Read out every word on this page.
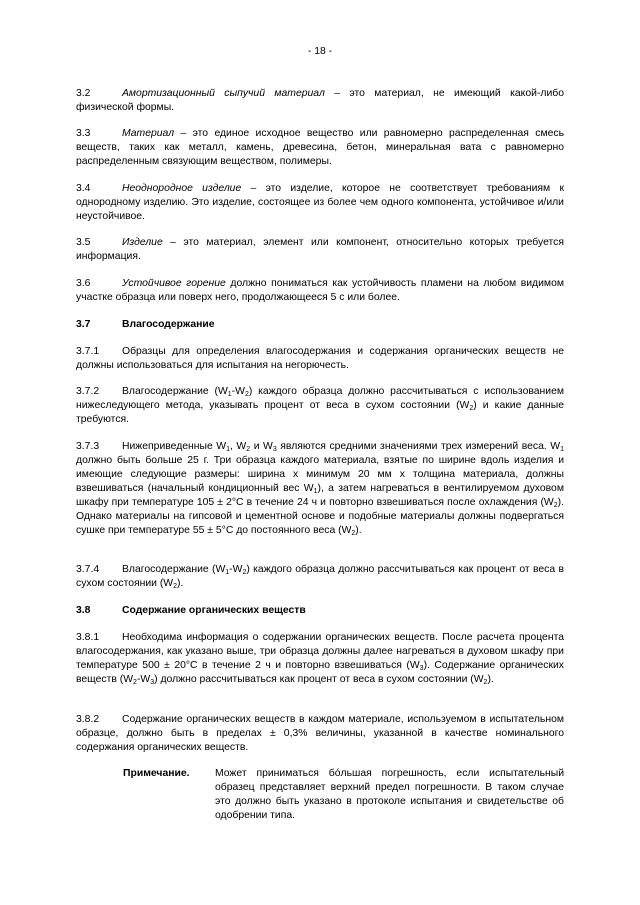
- 18 -
3.2	Амортизационный сыпучий материал – это материал, не имеющий какой-либо физической формы.
3.3	Материал – это единое исходное вещество или равномерно распределенная смесь веществ, таких как металл, камень, древесина, бетон, минеральная вата с равномерно распределенным связующим веществом, полимеры.
3.4	Неоднородное изделие – это изделие, которое не соответствует требованиям к однородному изделию. Это изделие, состоящее из более чем одного компонента, устойчивое и/или неустойчивое.
3.5	Изделие – это материал, элемент или компонент, относительно которых требуется информация.
3.6	Устойчивое горение должно пониматься как устойчивость пламени на любом видимом участке образца или поверх него, продолжающееся 5 с или более.
3.7	Влагосодержание
3.7.1 Образцы для определения влагосодержания и содержания органических веществ не должны использоваться для испытания на негорючесть.
3.7.2 Влагосодержание $(W_1-W_2)$ каждого образца должно рассчитываться с использованием нижеследующего метода, указывать процент от веса в сухом состоянии $(W_2)$ и какие данные требуются.
3.7.3 Нижеприведенные $W_1$, $W_2$ и $W_3$ являются средними значениями трех измерений веса. $W_1$ должно быть больше 25 г. Три образца каждого материала, взятые по ширине вдоль изделия и имеющие следующие размеры: ширина x минимум 20 мм x толщина материала, должны взвешиваться (начальный кондиционный вес $W_1$), а затем нагреваться в вентилируемом духовом шкафу при температуре 105 ± 2°C в течение 24 ч и повторно взвешиваться после охлаждения $(W_2)$. Однако материалы на гипсовой и цементной основе и подобные материалы должны подвергаться сушке при температуре 55 ± 5°C до постоянного веса $(W_2)$.
3.7.4 Влагосодержание $(W_1-W_2)$ каждого образца должно рассчитываться как процент от веса в сухом состоянии $(W_2)$.
3.8	Содержание органических веществ
3.8.1 Необходима информация о содержании органических веществ. После расчета процента влагосодержания, как указано выше, три образца должны далее нагреваться в духовом шкафу при температуре 500 ± 20°C в течение 2 ч и повторно взвешиваться $(W_3)$. Содержание органических веществ $(W_2-W_3)$ должно рассчитываться как процент от веса в сухом состоянии $(W_2)$.
3.8.2 Содержание органических веществ в каждом материале, используемом в испытательном образце, должно быть в пределах ± 0,3% величины, указанной в качестве номинального содержания органических веществ.
Примечание. Может приниматься бóльшая погрешность, если испытательный образец представляет верхний предел погрешности. В таком случае это должно быть указано в протоколе испытания и свидетельстве об одобрении типа.
